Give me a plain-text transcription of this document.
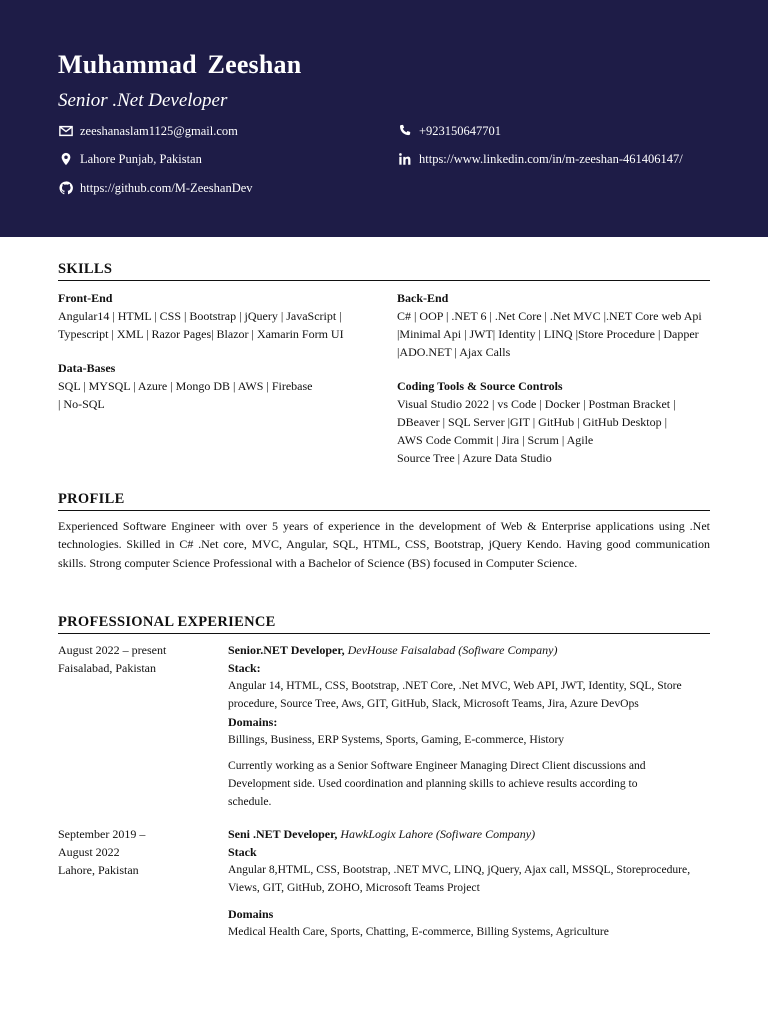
Muhammad Zeeshan
Senior .Net Developer
zeeshanaslam1125@gmail.com
Lahore Punjab, Pakistan
https://github.com/M-ZeeshanDev
+923150647701
https://www.linkedin.com/in/m-zeeshan-461406147/
SKILLS
Front-End
Angular14 | HTML | CSS | Bootstrap | jQuery | JavaScript |
Typescript | XML | Razor Pages| Blazor | Xamarin Form UI
Data-Bases
SQL | MYSQL | Azure | Mongo DB | AWS | Firebase
| No-SQL
Back-End
C# | OOP | .NET 6 | .Net Core | .Net MVC |.NET Core web Api
|Minimal Api | JWT| Identity | LINQ |Store Procedure | Dapper
|ADO.NET | Ajax Calls
Coding Tools & Source Controls
Visual Studio 2022 | vs Code | Docker | Postman Bracket |
DBeaver | SQL Server |GIT | GitHub | GitHub Desktop |
AWS Code Commit | Jira | Scrum | Agile
Source Tree | Azure Data Studio
PROFILE
Experienced Software Engineer with over 5 years of experience in the development of Web & Enterprise applications using .Net technologies. Skilled in C# .Net core, MVC, Angular, SQL, HTML, CSS, Bootstrap, jQuery Kendo. Having good communication skills. Strong computer Science Professional with a Bachelor of Science (BS) focused in Computer Science.
PROFESSIONAL EXPERIENCE
August 2022 – present
Faisalabad, Pakistan
Senior.NET Developer, DevHouse Faisalabad (Sofiware Company)
Stack:
Angular 14, HTML, CSS, Bootstrap, .NET Core, .Net MVC, Web API, JWT, Identity, SQL, Store
procedure, Source Tree, Aws, GIT, GitHub, Slack, Microsoft Teams, Jira, Azure DevOps
Domains:
Billings, Business, ERP Systems, Sports, Gaming, E-commerce, History
Currently working as a Senior Software Engineer Managing Direct Client discussions and
Development side. Used coordination and planning skills to achieve results according to
schedule.
September 2019 –
August 2022
Lahore, Pakistan
Seni .NET Developer, HawkLogix Lahore (Sofiware Company)
Stack
Angular 8,HTML, CSS, Bootstrap, .NET MVC, LINQ, jQuery, Ajax call, MSSQL, Storeprocedure,
Views, GIT, GitHub, ZOHO, Microsoft Teams Project
Domains
Medical Health Care, Sports, Chatting, E-commerce, Billing Systems, Agriculture
